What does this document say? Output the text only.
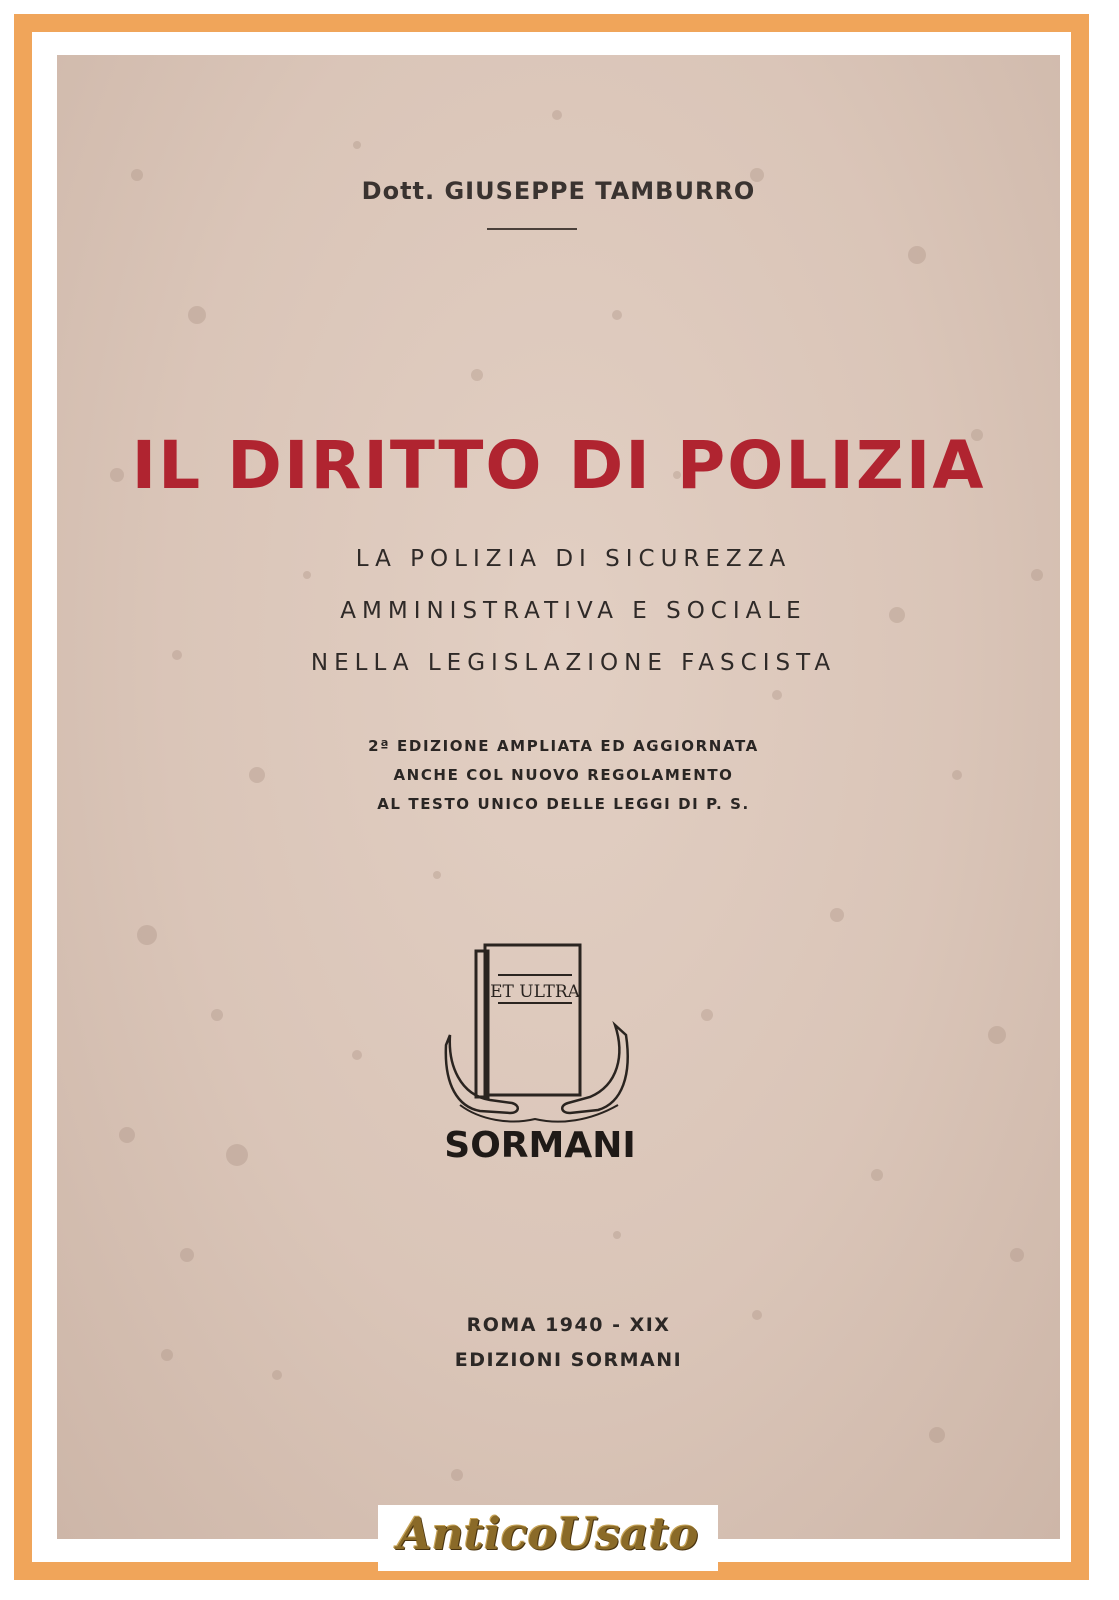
Dott. GIUSEPPE TAMBURRO
IL DIRITTO DI POLIZIA
LA POLIZIA DI SICUREZZA
AMMINISTRATIVA E SOCIALE
NELLA LEGISLAZIONE FASCISTA
2ª EDIZIONE AMPLIATA ED AGGIORNATA
ANCHE COL NUOVO REGOLAMENTO
AL TESTO UNICO DELLE LEGGI DI P. S.
ET ULTRA
SORMANI
ROMA 1940 - XIX
EDIZIONI SORMANI
AnticoUsato
